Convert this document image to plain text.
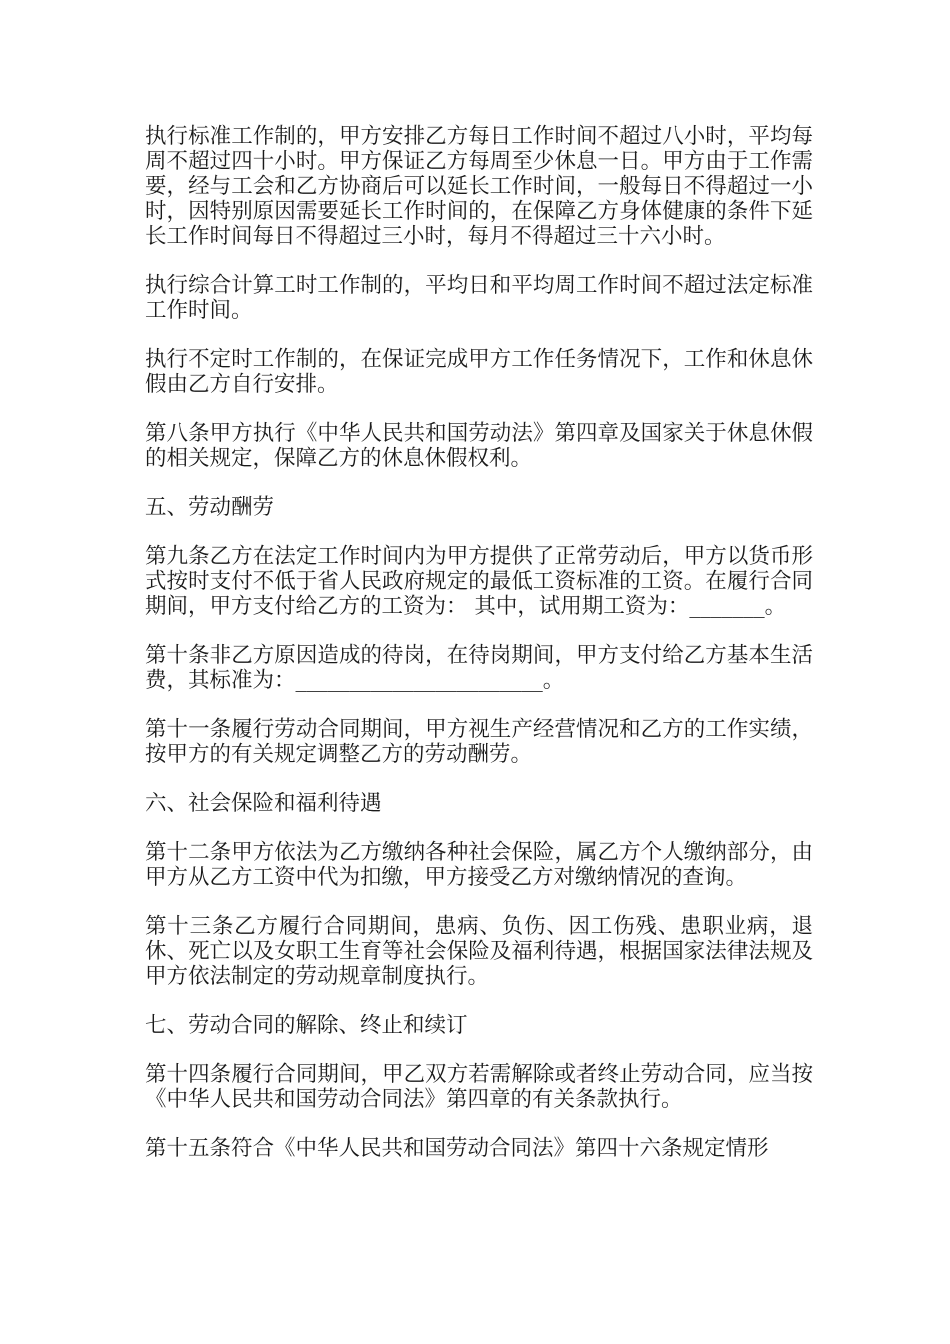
执行标准工作制的，甲方安排乙方每日工作时间不超过八小时，平均每周不超过四十小时。甲方保证乙方每周至少休息一日。甲方由于工作需要，经与工会和乙方协商后可以延长工作时间，一般每日不得超过一小时，因特别原因需要延长工作时间的，在保障乙方身体健康的条件下延长工作时间每日不得超过三小时，每月不得超过三十六小时。

执行综合计算工时工作制的，平均日和平均周工作时间不超过法定标准工作时间。

执行不定时工作制的，在保证完成甲方工作任务情况下，工作和休息休假由乙方自行安排。

第八条甲方执行《中华人民共和国劳动法》第四章及国家关于休息休假的相关规定，保障乙方的休息休假权利。

五、劳动酬劳

第九条乙方在法定工作时间内为甲方提供了正常劳动后，甲方以货币形式按时支付不低于省人民政府规定的最低工资标准的工资。在履行合同期间，甲方支付给乙方的工资为： 其中，试用期工资为：_______。

第十条非乙方原因造成的待岗，在待岗期间，甲方支付给乙方基本生活费，其标准为：_______________________。

第十一条履行劳动合同期间，甲方视生产经营情况和乙方的工作实绩，按甲方的有关规定调整乙方的劳动酬劳。

六、社会保险和福利待遇

第十二条甲方依法为乙方缴纳各种社会保险，属乙方个人缴纳部分，由甲方从乙方工资中代为扣缴，甲方接受乙方对缴纳情况的查询。

第十三条乙方履行合同期间，患病、负伤、因工伤残、患职业病，退休、死亡以及女职工生育等社会保险及福利待遇，根据国家法律法规及甲方依法制定的劳动规章制度执行。

七、劳动合同的解除、终止和续订

第十四条履行合同期间，甲乙双方若需解除或者终止劳动合同，应当按《中华人民共和国劳动合同法》第四章的有关条款执行。

第十五条符合《中华人民共和国劳动合同法》第四十六条规定情形
